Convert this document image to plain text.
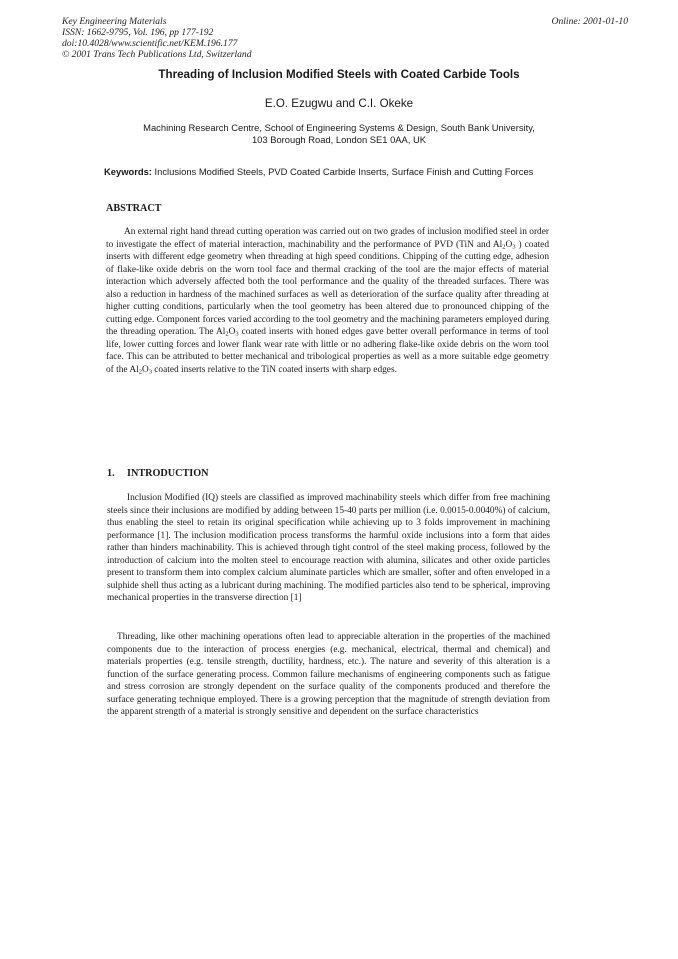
Key Engineering Materials
ISSN: 1662-9795, Vol. 196, pp 177-192
doi:10.4028/www.scientific.net/KEM.196.177
© 2001 Trans Tech Publications Ltd, Switzerland
Online: 2001-01-10
Threading of Inclusion Modified Steels with Coated Carbide Tools

E.O. Ezugwu and C.I. Okeke

Machining Research Centre, School of Engineering Systems & Design, South Bank University,
103 Borough Road, London SE1 0AA, UK

Keywords: Inclusions Modified Steels, PVD Coated Carbide Inserts, Surface Finish and Cutting Forces

ABSTRACT

An external right hand thread cutting operation was carried out on two grades of inclusion modified steel in order to investigate the effect of material interaction, machinability and the performance of PVD (TiN and $Al_2O_3$ ) coated inserts with different edge geometry when threading at high speed conditions. Chipping of the cutting edge, adhesion of flake-like oxide debris on the worn tool face and thermal cracking of the tool are the major effects of material interaction which adversely affected both the tool performance and the quality of the threaded surfaces. There was also a reduction in hardness of the machined surfaces as well as deterioration of the surface quality after threading at higher cutting conditions, particularly when the tool geometry has been altered due to pronounced chipping of the cutting edge. Component forces varied according to the tool geometry and the machining parameters employed during the threading operation. The $Al_2O_3$ coated inserts with honed edges gave better overall performance in terms of tool life, lower cutting forces and lower flank wear rate with little or no adhering flake-like oxide debris on the worn tool face. This can be attributed to better mechanical and tribological properties as well as a more suitable edge geometry of the $Al_2O_3$ coated inserts relative to the TiN coated inserts with sharp edges.

1. INTRODUCTION

Inclusion Modified (IQ) steels are classified as improved machinability steels which differ from free machining steels since their inclusions are modified by adding between 15-40 parts per million (i.e. 0.0015-0.0040%) of calcium, thus enabling the steel to retain its original specification while achieving up to 3 folds improvement in machining performance [1]. The inclusion modification process transforms the harmful oxide inclusions into a form that aides rather than hinders machinability. This is achieved through tight control of the steel making process, followed by the introduction of calcium into the molten steel to encourage reaction with alumina, silicates and other oxide particles present to transform them into complex calcium aluminate particles which are smaller, softer and often enveloped in a sulphide shell thus acting as a lubricant during machining. The modified particles also tend to be spherical, improving mechanical properties in the transverse direction [1]

Threading, like other machining operations often lead to appreciable alteration in the properties of the machined components due to the interaction of process energies (e.g. mechanical, electrical, thermal and chemical) and materials properties (e.g. tensile strength, ductility, hardness, etc.). The nature and severity of this alteration is a function of the surface generating process. Common failure mechanisms of engineering components such as fatigue and stress corrosion are strongly dependent on the surface quality of the components produced and therefore the surface generating technique employed. There is a growing perception that the magnitude of strength deviation from the apparent strength of a material is strongly sensitive and dependent on the surface characteristics
